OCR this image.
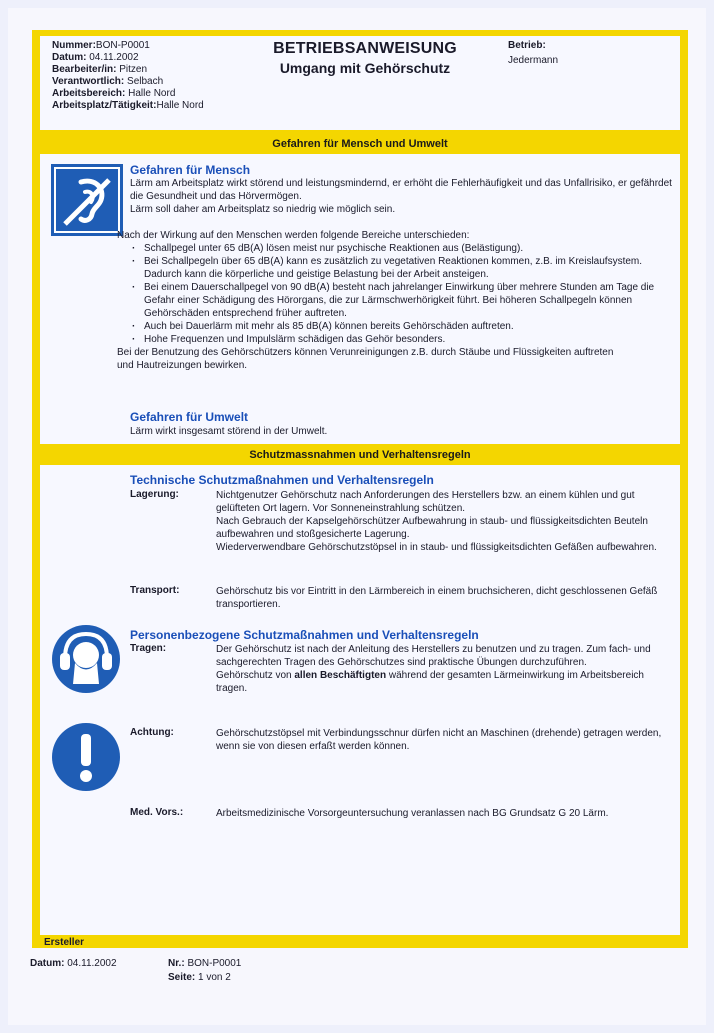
Nummer:BON-P0001
Datum: 04.11.2002
Bearbeiter/in: Pitzen
Verantwortlich: Selbach
Arbeitsbereich: Halle Nord
Arbeitsplatz/Tätigkeit:Halle Nord
BETRIEBSANWEISUNG
Umgang mit Gehörschutz
Betrieb:
Jedermann
Gefahren für Mensch und Umwelt
Gefahren für Mensch

Lärm am Arbeitsplatz wirkt störend und leistungsmindernd, er erhöht die Fehlerhäufigkeit und das Unfallrisiko, er gefährdet die Gesundheit und das Hörvermögen.

Lärm soll daher am Arbeitsplatz so niedrig wie möglich sein.

Nach der Wirkung auf den Menschen werden folgende Bereiche unterschieden:

· Schallpegel unter 65 dB(A) lösen meist nur psychische Reaktionen aus (Belästigung).
· Bei Schallpegeln über 65 dB(A) kann es zusätzlich zu vegetativen Reaktionen kommen, z.B. im Kreislaufsystem. Dadurch kann die körperliche und geistige Belastung bei der Arbeit ansteigen.
· Bei einem Dauerschallpegel von 90 dB(A) besteht nach jahrelanger Einwirkung über mehrere Stunden am Tage die Gefahr einer Schädigung des Hörorgans, die zur Lärmschwerhörigkeit führt. Bei höheren Schallpegeln können Gehörschäden entsprechend früher auftreten.
· Auch bei Dauerlärm mit mehr als 85 dB(A) können bereits Gehörschäden auftreten.
· Hohe Frequenzen und Impulslärm schädigen das Gehör besonders.

Bei der Benutzung des Gehörschützers können Verunreinigungen z.B. durch Stäube und Flüssigkeiten auftreten und Hautreizungen bewirken.

Gefahren für Umwelt
Lärm wirkt insgesamt störend in der Umwelt.
Schutzmassnahmen und Verhaltensregeln
Technische Schutzmaßnahmen und Verhaltensregeln
Lagerung:	Nichtgenutzer Gehörschutz nach Anforderungen des Herstellers bzw. an einem kühlen und gut gelüfteten Ort lagern. Vor Sonneneinstrahlung schützen.

Nach Gebrauch der Kapselgehörschützer Aufbewahrung in staub- und flüssigkeitsdichten Beuteln aufbewahren und stoßgesicherte Lagerung.

Wiederverwendbare Gehörschutzstöpsel in in staub- und flüssigkeitsdichten Gefäßen aufbewahren.

Transport:	Gehörschutz bis vor Eintritt in den Lärmbereich in einem bruchsicheren, dicht geschlossenen Gefäß transportieren.
Personenbezogene Schutzmaßnahmen und Verhaltensregeln
Tragen:	Der Gehörschutz ist nach der Anleitung des Herstellers zu benutzen und zu tragen. Zum fach- und sachgerechten Tragen des Gehörschutzes sind praktische Übungen durchzuführen.

Gehörschutz von allen Beschäftigten während der gesamten Lärmeinwirkung im Arbeitsbereich tragen.

Achtung:	Gehörschutzstöpsel mit Verbindungsschnur dürfen nicht an Maschinen (drehende) getragen werden, wenn sie von diesen erfaßt werden können.
Med. Vors.:	Arbeitsmedizinische Vorsorgeuntersuchung veranlassen nach BG Grundsatz G 20 Lärm.
Ersteller
Datum: 04.11.2002	Nr.: BON-P0001
Seite: 1 von 2
